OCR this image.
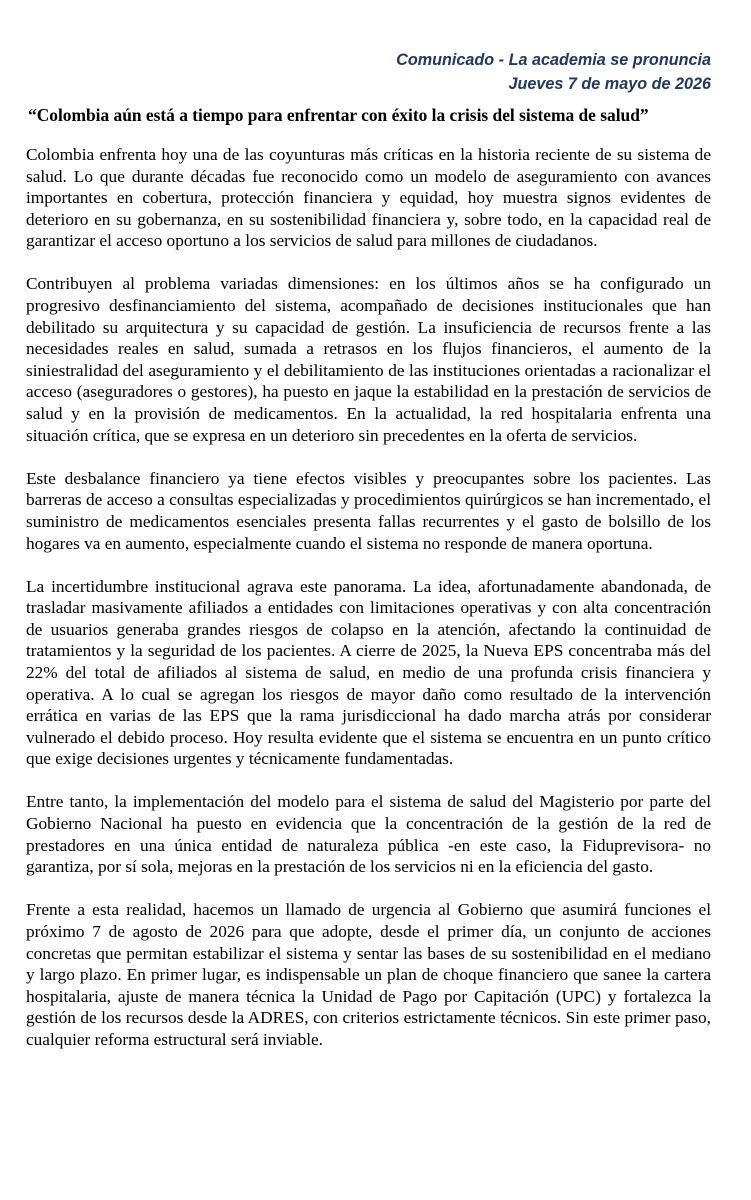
Comunicado - La academia se pronuncia
Jueves 7 de mayo de 2026
“Colombia aún está a tiempo para enfrentar con éxito la crisis del sistema de salud”

Colombia enfrenta hoy una de las coyunturas más críticas en la historia reciente de su sistema de salud. Lo que durante décadas fue reconocido como un modelo de aseguramiento con avances importantes en cobertura, protección financiera y equidad, hoy muestra signos evidentes de deterioro en su gobernanza, en su sostenibilidad financiera y, sobre todo, en la capacidad real de garantizar el acceso oportuno a los servicios de salud para millones de ciudadanos.

Contribuyen al problema variadas dimensiones: en los últimos años se ha configurado un progresivo desfinanciamiento del sistema, acompañado de decisiones institucionales que han debilitado su arquitectura y su capacidad de gestión. La insuficiencia de recursos frente a las necesidades reales en salud, sumada a retrasos en los flujos financieros, el aumento de la siniestralidad del aseguramiento y el debilitamiento de las instituciones orientadas a racionalizar el acceso (aseguradores o gestores), ha puesto en jaque la estabilidad en la prestación de servicios de salud y en la provisión de medicamentos. En la actualidad, la red hospitalaria enfrenta una situación crítica, que se expresa en un deterioro sin precedentes en la oferta de servicios.

Este desbalance financiero ya tiene efectos visibles y preocupantes sobre los pacientes. Las barreras de acceso a consultas especializadas y procedimientos quirúrgicos se han incrementado, el suministro de medicamentos esenciales presenta fallas recurrentes y el gasto de bolsillo de los hogares va en aumento, especialmente cuando el sistema no responde de manera oportuna.

La incertidumbre institucional agrava este panorama. La idea, afortunadamente abandonada, de trasladar masivamente afiliados a entidades con limitaciones operativas y con alta concentración de usuarios generaba grandes riesgos de colapso en la atención, afectando la continuidad de tratamientos y la seguridad de los pacientes. A cierre de 2025, la Nueva EPS concentraba más del 22% del total de afiliados al sistema de salud, en medio de una profunda crisis financiera y operativa. A lo cual se agregan los riesgos de mayor daño como resultado de la intervención errática en varias de las EPS que la rama jurisdiccional ha dado marcha atrás por considerar vulnerado el debido proceso. Hoy resulta evidente que el sistema se encuentra en un punto crítico que exige decisiones urgentes y técnicamente fundamentadas.

Entre tanto, la implementación del modelo para el sistema de salud del Magisterio por parte del Gobierno Nacional ha puesto en evidencia que la concentración de la gestión de la red de prestadores en una única entidad de naturaleza pública -en este caso, la Fiduprevisora- no garantiza, por sí sola, mejoras en la prestación de los servicios ni en la eficiencia del gasto.

Frente a esta realidad, hacemos un llamado de urgencia al Gobierno que asumirá funciones el próximo 7 de agosto de 2026 para que adopte, desde el primer día, un conjunto de acciones concretas que permitan estabilizar el sistema y sentar las bases de su sostenibilidad en el mediano y largo plazo. En primer lugar, es indispensable un plan de choque financiero que sanee la cartera hospitalaria, ajuste de manera técnica la Unidad de Pago por Capitación (UPC) y fortalezca la gestión de los recursos desde la ADRES, con criterios estrictamente técnicos. Sin este primer paso, cualquier reforma estructural será inviable.
